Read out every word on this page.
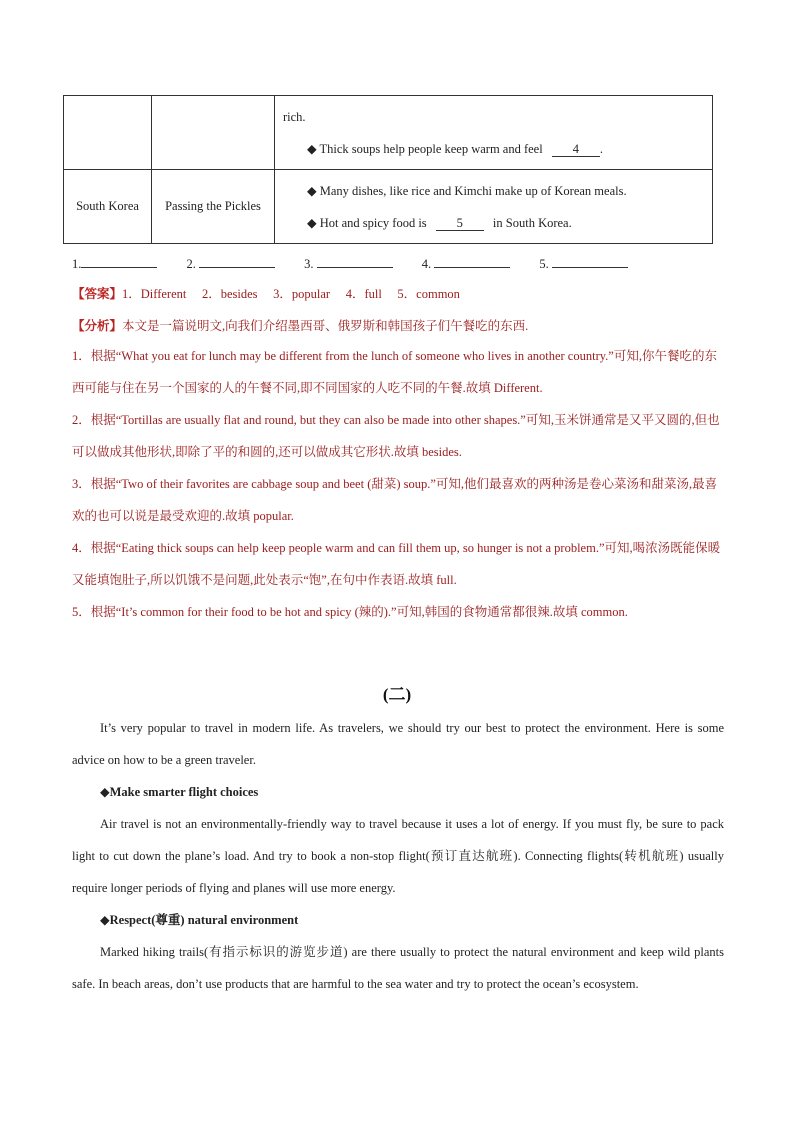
		rich.
◆ Thick soups help people keep warm and feel 4 .

South Korea	Passing the Pickles	◆ Many dishes, like rice and Kimchi make up of Korean meals.
◆ Hot and spicy food is 5 in South Korea.
1.	2.	3.	4.	5.
【答案】1．Different     2．besides     3．popular     4．full     5．common
【分析】本文是一篇说明文,向我们介绍墨西哥、俄罗斯和韩国孩子们午餐吃的东西.
1．根据“What you eat for lunch may be different from the lunch of someone who lives in another country.”可知,你午餐吃的东西可能与住在另一个国家的人的午餐不同,即不同国家的人吃不同的午餐.故填 Different.
2．根据“Tortillas are usually flat and round, but they can also be made into other shapes.”可知,玉米饼通常是又平又圆的,但也可以做成其他形状,即除了平的和圆的,还可以做成其它形状.故填 besides.
3．根据“Two of their favorites are cabbage soup and beet (甜菜) soup.”可知,他们最喜欢的两种汤是卷心菜汤和甜菜汤,最喜欢的也可以说是最受欢迎的.故填 popular.
4．根据“Eating thick soups can help keep people warm and can fill them up, so hunger is not a problem.”可知,喝浓汤既能保暖又能填饱肚子,所以饥饿不是问题,此处表示“饱”,在句中作表语.故填 full.
5．根据“It’s common for their food to be hot and spicy (辣的).”可知,韩国的食物通常都很辣.故填 common.
(二)
It’s very popular to travel in modern life. As travelers, we should try our best to protect the environment. Here is some advice on how to be a green traveler.
◆Make smarter flight choices
Air travel is not an environmentally-friendly way to travel because it uses a lot of energy. If you must fly, be sure to pack light to cut down the plane’s load. And try to book a non-stop flight(预订直达航班). Connecting flights(转机航班) usually require longer periods of flying and planes will use more energy.
◆Respect(尊重) natural environment
Marked hiking trails(有指示标识的游览步道) are there usually to protect the natural environment and keep wild plants safe. In beach areas, don’t use products that are harmful to the sea water and try to protect the ocean’s ecosystem.
